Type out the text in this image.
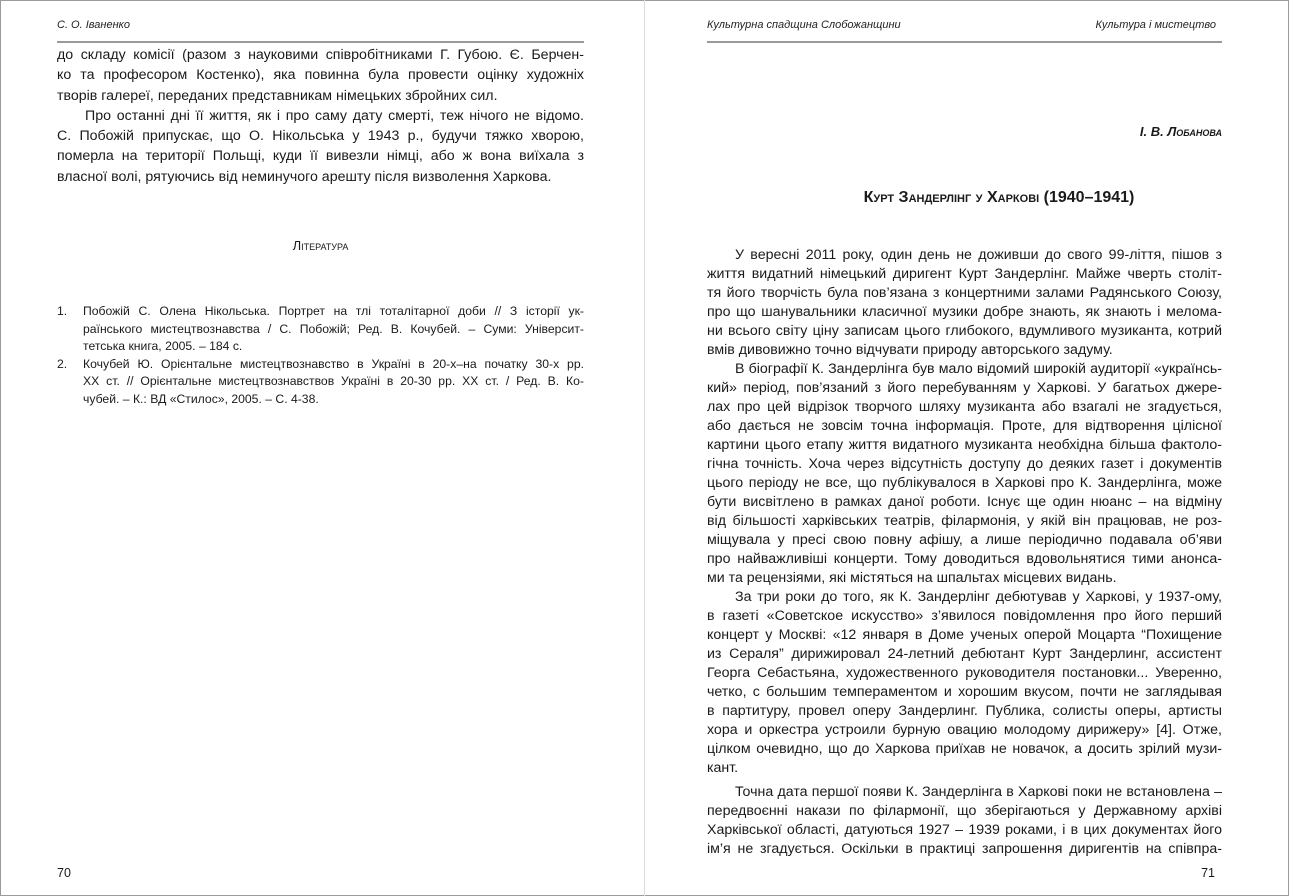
С. О. Іваненко
до складу комісії (разом з науковими співробітниками Г. Губою. Є. Берчен-
ко та професором Костенко), яка повинна була провести оцінку художніх
творів галереї, переданих представникам німецьких збройних сил.
Про останні дні її життя, як і про саму дату смерті, теж нічого не відомо.
С. Побожій припускає, що О. Нікольська у 1943 р., будучи тяжко хворою,
померла на території Польщі, куди її вивезли німці, або ж вона виїхала з
власної волі, рятуючись від неминучого арешту після визволення Харкова.
Література
1.	Побожій С. Олена Нікольська. Портрет на тлі тоталітарної доби // З історії ук-
раїнського мистецтвознавства / С. Побожій; Ред. В. Кочубей. – Суми: Університ-
тетська книга, 2005. – 184 с.
2.	Кочубей Ю. Орієнтальне мистецтвознавство в Україні в 20-х–на початку 30-х рр.
ХХ ст. // Орієнтальне мистецтвознавствов Україні в 20-30 рр. ХХ ст. / Ред. В. Ко-
чубей. – К.: ВД «Стилос», 2005. – С. 4-38.
70
Культурна спадщина Слобожанщини	Культура і мистецтво
І. В. Лобанова
Курт Зандерлінг у Харкові (1940–1941)
У вересні 2011 року, один день не доживши до свого 99-ліття, пішов з
життя видатний німецький диригент Курт Зандерлінг. Майже чверть століт-
тя його творчість була пов’язана з концертними залами Радянського Союзу,
про що шанувальники класичної музики добре знають, як знають і мелома-
ни всього світу ціну записам цього глибокого, вдумливого музиканта, котрий
вмів дивовижно точно відчувати природу авторського задуму.
В біографії К. Зандерлінга був мало відомий широкій аудиторії «українсь-
кий» період, пов’язаний з його перебуванням у Харкові. У багатьох джере-
лах про цей відрізок творчого шляху музиканта або взагалі не згадується,
або дається не зовсім точна інформація. Проте, для відтворення цілісної
картини цього етапу життя видатного музиканта необхідна більша фактоло-
гічна точність. Хоча через відсутність доступу до деяких газет і документів
цього періоду не все, що публікувалося в Харкові про К. Зандерлінга, може
бути висвітлено в рамках даної роботи. Існує ще один нюанс – на відміну
від більшості харківських театрів, філармонія, у якій він працював, не роз-
міщувала у пресі свою повну афішу, а лише періодично подавала об’яви
про найважливіші концерти. Тому доводиться вдовольнятися тими анонса-
ми та рецензіями, які містяться на шпальтах місцевих видань.
За три роки до того, як К. Зандерлінг дебютував у Харкові, у 1937-ому,
в газеті «Советское искусство» з’явилося повідомлення про його перший
концерт у Москві: «12 января в Доме ученых оперой Моцарта “Похищение
из Сераля” дирижировал 24-летний дебютант Курт Зандерлинг, ассистент
Георга Себастьяна, художественного руководителя постановки... Уверенно,
четко, с большим темпераментом и хорошим вкусом, почти не заглядывая
в партитуру, провел оперу Зандерлинг. Публика, солисты оперы, артисты
хора и оркестра устроили бурную овацию молодому дирижеру» [4]. Отже,
цілком очевидно, що до Харкова приїхав не новачок, а досить зрілий музи-
кант.
Точна дата першої появи К. Зандерлінга в Харкові поки не встановлена –
передвоєнні накази по філармонії, що зберігаються у Державному архіві
Харківської області, датуються 1927 – 1939 роками, і в цих документах його
ім’я не згадується. Оскільки в практиці запрошення диригентів на співпра-
71
